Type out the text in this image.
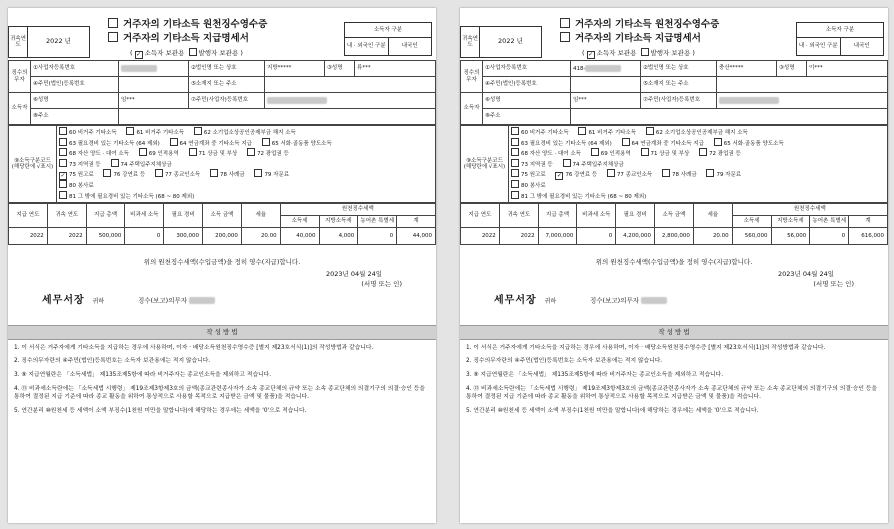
귀속연도	2022 년
거주자의 기타소득 원천징수영수증
거주자의 기타소득 지급명세서
소득자 구분
내 · 외국인 구분	내국인
( ✓ 소득자 보관용 발행자 보관용 )
징수의무자	①사업자등록번호		②법인명 또는 상호	지방*****	③성명	류***
	④주민(법인)등록번호		⑤소재지 또는 주소			
소득자	⑥성명	임***	⑦주민(사업자)등록번호			
	⑧주소					
⑨소득구분코드 (해당란에 √표시)	60 비거주 기타소득	61 비거주 기타소득	62 소기업소상공인공제부금 해지 소득
63 필요경비 있는 기타소득 (64 제외)	64 연금계좌 중 기타소득 지급	65 서화·골동품 양도소득
68 자산 양도 · 대여 소득	69 인적용역	71 상금 및 부상	72 광업권 등
73 지역권 등	74 주택입주지체상금
✓ 75 원고료	76 강연료 등	77 종교인소득	78 사례금	79 자문료
80 봉사료
81 그 밖에 필요경비 있는 기타소득 (68 ~ 80 제외)
지급 연도	귀속 연도	지급 총액	비과세 소득	필요 경비	소득 금액	세율	원천징수세액			
							소득세	지방소득세	농어촌 특별세	계
2022	2022	500,000	0	300,000	200,000	20.00	40,000	4,000	0	44,000
위의 원천징수세액(수입금액)을 정히 영수(지급)합니다.
2023년 04월 24일
(서명 또는 인)
징수(보고)의무자
세무서장 귀하
작 성 방 법

1. 이 서식은 거주자에게 기타소득을 지급하는 경우에 사용하며, 이자 · 배당소득원천징수영수증 [별지 제23호서식(1)]의 작성방법과 같습니다.

2. 징수의무자란의 ④주민(법인)등록번호는 소득자 보관용에는 적지 않습니다.

3. ⑨ 지급연월란은 「소득세법」 제135조제5항에 따라 비거주자는 종교인소득을 제외하고 적습니다.

4. ⑬ 비과세소득란에는 「소득세법 시행령」 제19조제3항제3호의 금액(종교관련종사자가 소속 종교단체의 규약 또는 소속 종교단체의 의결기구의 의결·승인 등을 통하여 결정된 지급 기준에 따라 종교 활동을 위하여 통상적으로 사용할 목적으로 지급받은 금액 및 물품)을 적습니다.

5. 연간분리 ⑩원천세 등 세액이 소액 부징수(1천원 미만을 말합니다)에 해당하는 경우에는 세액을 '0'으로 적습니다.

귀속연도	2022 년
거주자의 기타소득 원천징수영수증
거주자의 기타소득 지급명세서
소득자 구분
내 · 외국인 구분	내국인
( ✓ 소득자 보관용 발행자 보관용 )
징수의무자	①사업자등록번호	418-	②법인명 또는 상호	충산*****	③성명	이***
	④주민(법인)등록번호		⑤소재지 또는 주소			
소득자	⑥성명	임***	⑦주민(사업자)등록번호			
	⑧주소					
⑨소득구분코드 (해당란에 √표시)	60 비거주 기타소득	61 비거주 기타소득	62 소기업소상공인공제부금 해지 소득
63 필요경비 있는 기타소득 (64 제외)	64 연금계좌 중 기타소득 지급	65 서화·골동품 양도소득
68 자산 양도 · 대여 소득	69 인적용역	71 상금 및 부상	72 광업권 등
73 지역권 등	74 주택입주지체상금
75 원고료 ✓ 76 강연료 등	77 종교인소득	78 사례금	79 자문료
80 봉사료
81 그 밖에 필요경비 있는 기타소득 (68 ~ 80 제외)
지급 연도	귀속 연도	지급 총액	비과세 소득	필요 경비	소득 금액	세율	원천징수세액			
							소득세	지방소득세	농어촌 특별세	계
2022	2022	7,000,000	0	4,200,000	2,800,000	20.00	560,000	56,000	0	616,000
위의 원천징수세액(수입금액)을 정히 영수(지급)합니다.
2023년 04월 24일
(서명 또는 인)
징수(보고)의무자
세무서장 귀하
작 성 방 법

1. 이 서식은 거주자에게 기타소득을 지급하는 경우에 사용하며, 이자 · 배당소득원천징수영수증 [별지 제23호서식(1)]의 작성방법과 같습니다.

2. 징수의무자란의 ④주민(법인)등록번호는 소득자 보관용에는 적지 않습니다.

3. ⑨ 지급연월란은 「소득세법」 제135조제5항에 따라 비거주자는 종교인소득을 제외하고 적습니다.

4. ⑬ 비과세소득란에는 「소득세법 시행령」 제19조제3항제3호의 금액(종교관련종사자가 소속 종교단체의 규약 또는 소속 종교단체의 의결기구의 의결·승인 등을 통하여 결정된 지급 기준에 따라 종교 활동을 위하여 통상적으로 사용할 목적으로 지급받은 금액 및 물품)을 적습니다.

5. 연간분리 ⑩원천세 등 세액이 소액 부징수(1천원 미만을 말합니다)에 해당하는 경우에는 세액을 '0'으로 적습니다.
